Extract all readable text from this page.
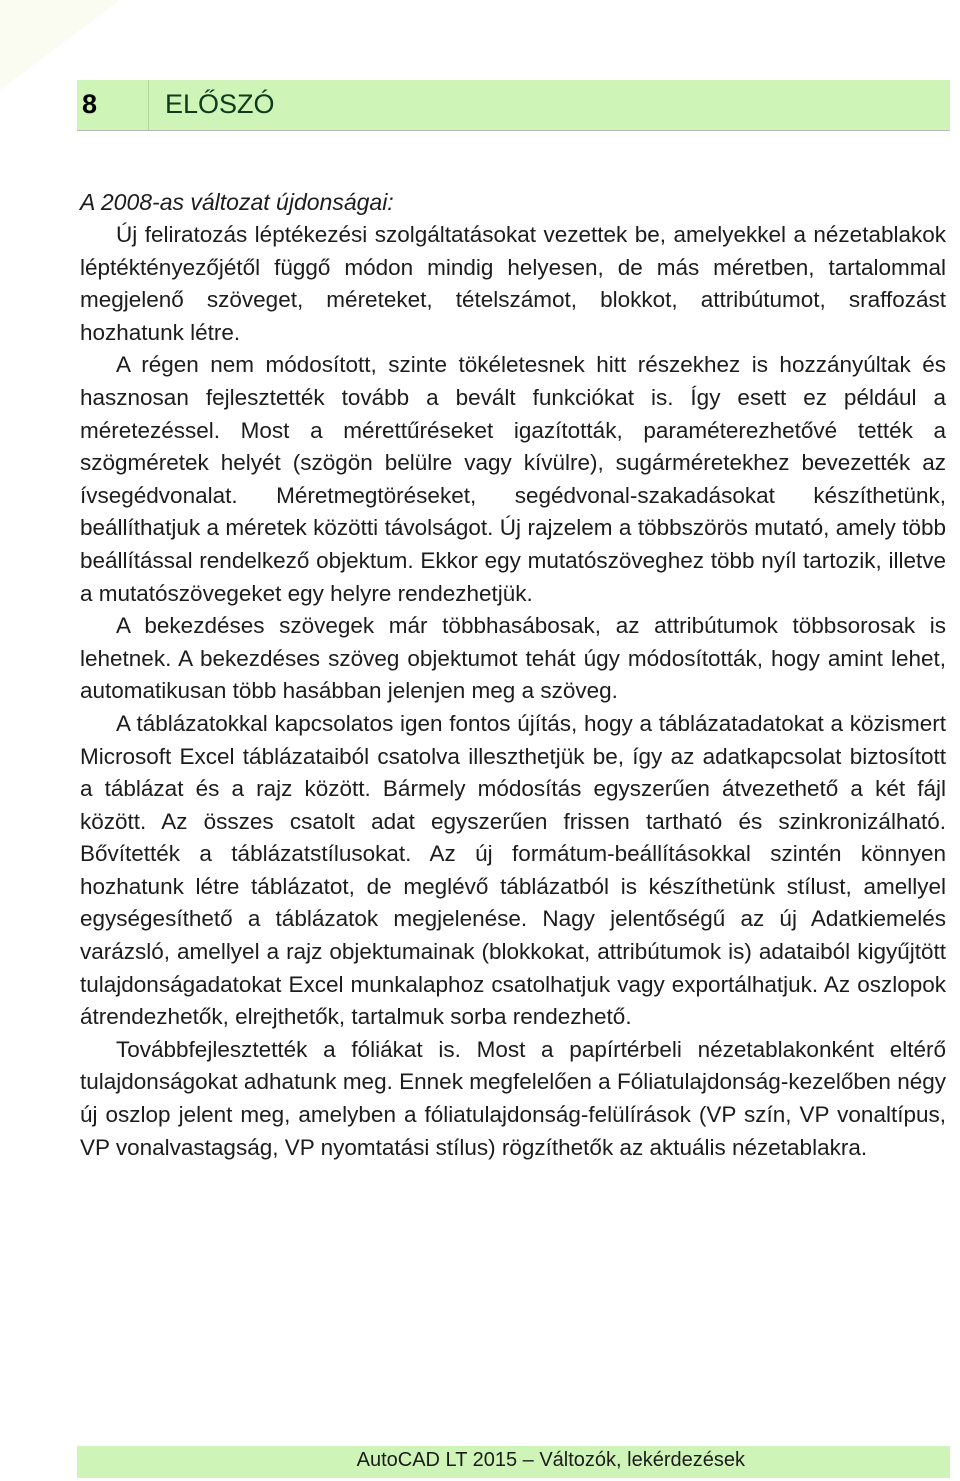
8	ELŐSZÓ

A 2008-as változat újdonságai:

Új feliratozás léptékezési szolgáltatásokat vezettek be, amelyekkel a nézetablakok léptéktényezőjétől függő módon mindig helyesen, de más méretben, tartalommal megjelenő szöveget, méreteket, tételszámot, blokkot, attribútumot, sraffozást hozhatunk létre.

A régen nem módosított, szinte tökéletesnek hitt részekhez is hozzányúltak és hasznosan fejlesztették tovább a bevált funkciókat is. Így esett ez például a méretezéssel. Most a mérettűréseket igazították, paraméterezhetővé tették a szögméretek helyét (szögön belülre vagy kívülre), sugárméretekhez bevezették az ívsegédvonalat. Méretmegtöréseket, segédvonal-szakadásokat készíthetünk, beállíthatjuk a méretek közötti távolságot. Új rajzelem a többszörös mutató, amely több beállítással rendelkező objektum. Ekkor egy mutatószöveghez több nyíl tartozik, illetve a mutatószövegeket egy helyre rendezhetjük.

A bekezdéses szövegek már többhasábosak, az attribútumok többsorosak is lehetnek. A bekezdéses szöveg objektumot tehát úgy módosították, hogy amint lehet, automatikusan több hasábban jelenjen meg a szöveg.

A táblázatokkal kapcsolatos igen fontos újítás, hogy a táblázatadatokat a közismert Microsoft Excel táblázataiból csatolva illeszthetjük be, így az adatkapcsolat biztosított a táblázat és a rajz között. Bármely módosítás egyszerűen átvezethető a két fájl között. Az összes csatolt adat egyszerűen frissen tartható és szinkronizálható. Bővítették a táblázatstílusokat. Az új formátum-beállításokkal szintén könnyen hozhatunk létre táblázatot, de meglévő táblázatból is készíthetünk stílust, amellyel egységesíthető a táblázatok megjelenése. Nagy jelentőségű az új Adatkiemelés varázsló, amellyel a rajz objektumainak (blokkokat, attribútumok is) adataiból kigyűjtött tulajdonságadatokat Excel munkalaphoz csatolhatjuk vagy exportálhatjuk. Az oszlopok átrendezhetők, elrejthetők, tartalmuk sorba rendezhető.

Továbbfejlesztették a fóliákat is. Most a papírtérbeli nézetablakonként eltérő tulajdonságokat adhatunk meg. Ennek megfelelően a Fóliatulajdonság-kezelőben négy új oszlop jelent meg, amelyben a fóliatulajdonság-felülírások (VP szín, VP vonaltípus, VP vonalvastagság, VP nyomtatási stílus) rögzíthetők az aktuális nézetablakra.

AutoCAD LT 2015 – Változók, lekérdezések
